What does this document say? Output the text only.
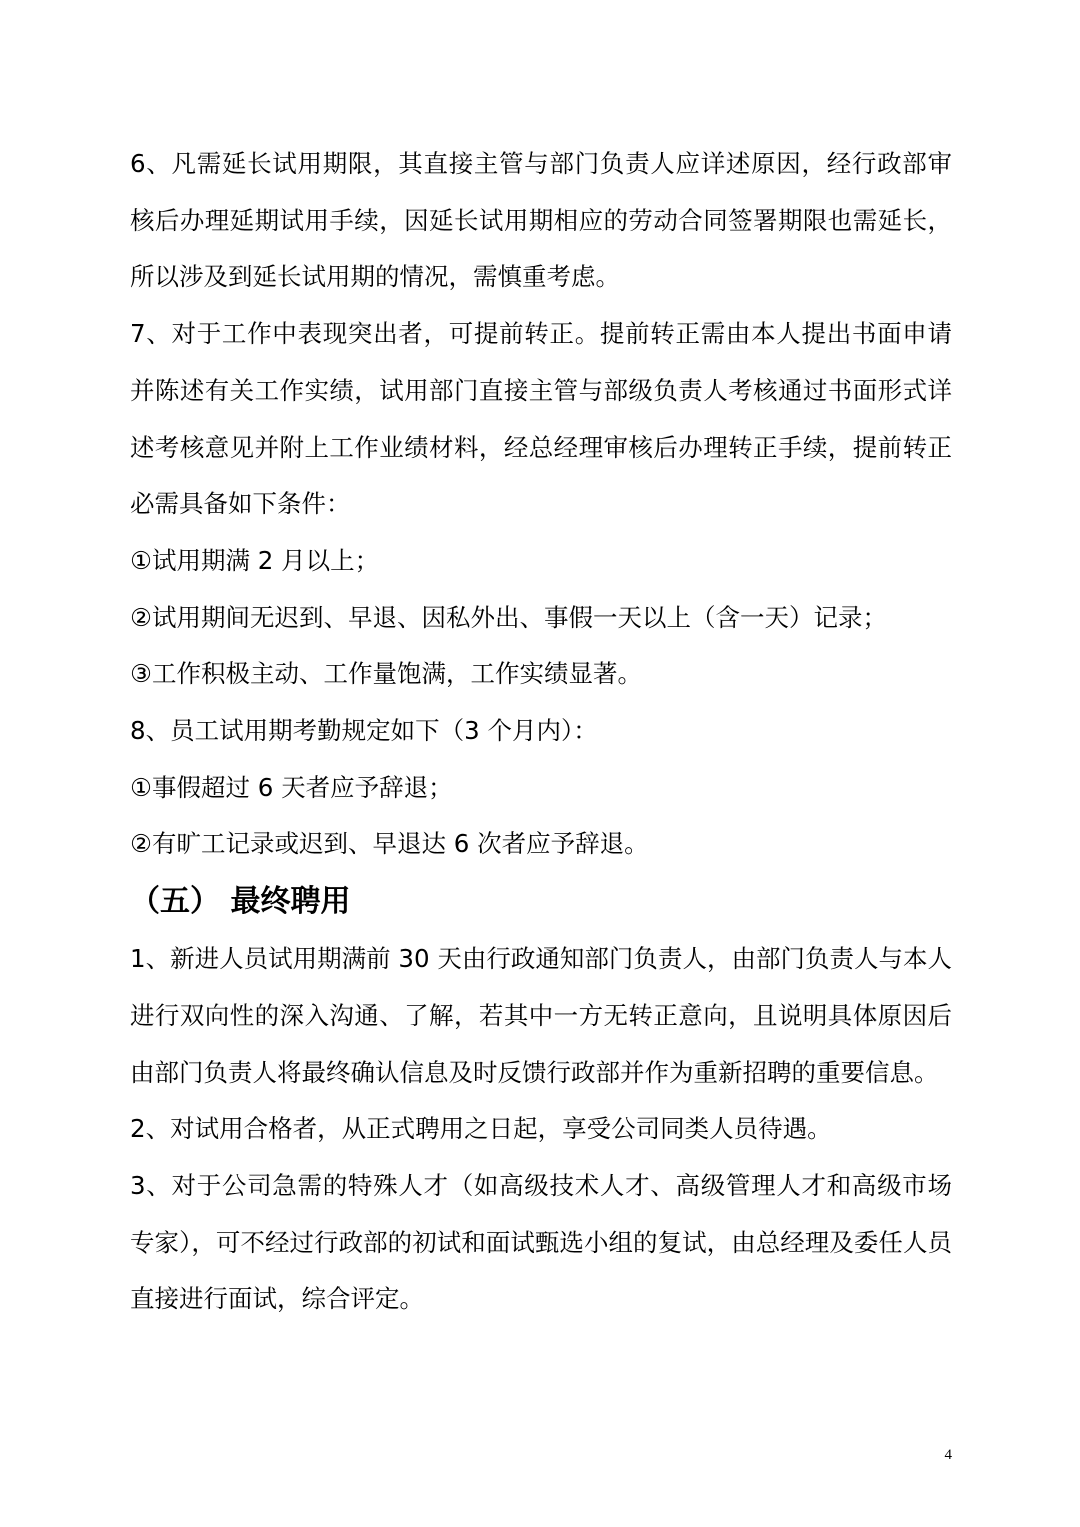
6、凡需延长试用期限，其直接主管与部门负责人应详述原因，经行政部审核后办理延期试用手续，因延长试用期相应的劳动合同签署期限也需延长，所以涉及到延长试用期的情况，需慎重考虑。

7、对于工作中表现突出者，可提前转正。提前转正需由本人提出书面申请并陈述有关工作实绩，试用部门直接主管与部级负责人考核通过书面形式详述考核意见并附上工作业绩材料，经总经理审核后办理转正手续，提前转正必需具备如下条件：

①试用期满 2 月以上；

②试用期间无迟到、早退、因私外出、事假一天以上（含一天）记录；

③工作积极主动、工作量饱满，工作实绩显著。

8、员工试用期考勤规定如下（3 个月内）：

①事假超过 6 天者应予辞退；

②有旷工记录或迟到、早退达 6 次者应予辞退。

（五） 最终聘用

1、新进人员试用期满前 30 天由行政通知部门负责人，由部门负责人与本人进行双向性的深入沟通、了解，若其中一方无转正意向，且说明具体原因后由部门负责人将最终确认信息及时反馈行政部并作为重新招聘的重要信息。

2、对试用合格者，从正式聘用之日起，享受公司同类人员待遇。

3、对于公司急需的特殊人才（如高级技术人才、高级管理人才和高级市场专家），可不经过行政部的初试和面试甄选小组的复试，由总经理及委任人员直接进行面试，综合评定。

4
